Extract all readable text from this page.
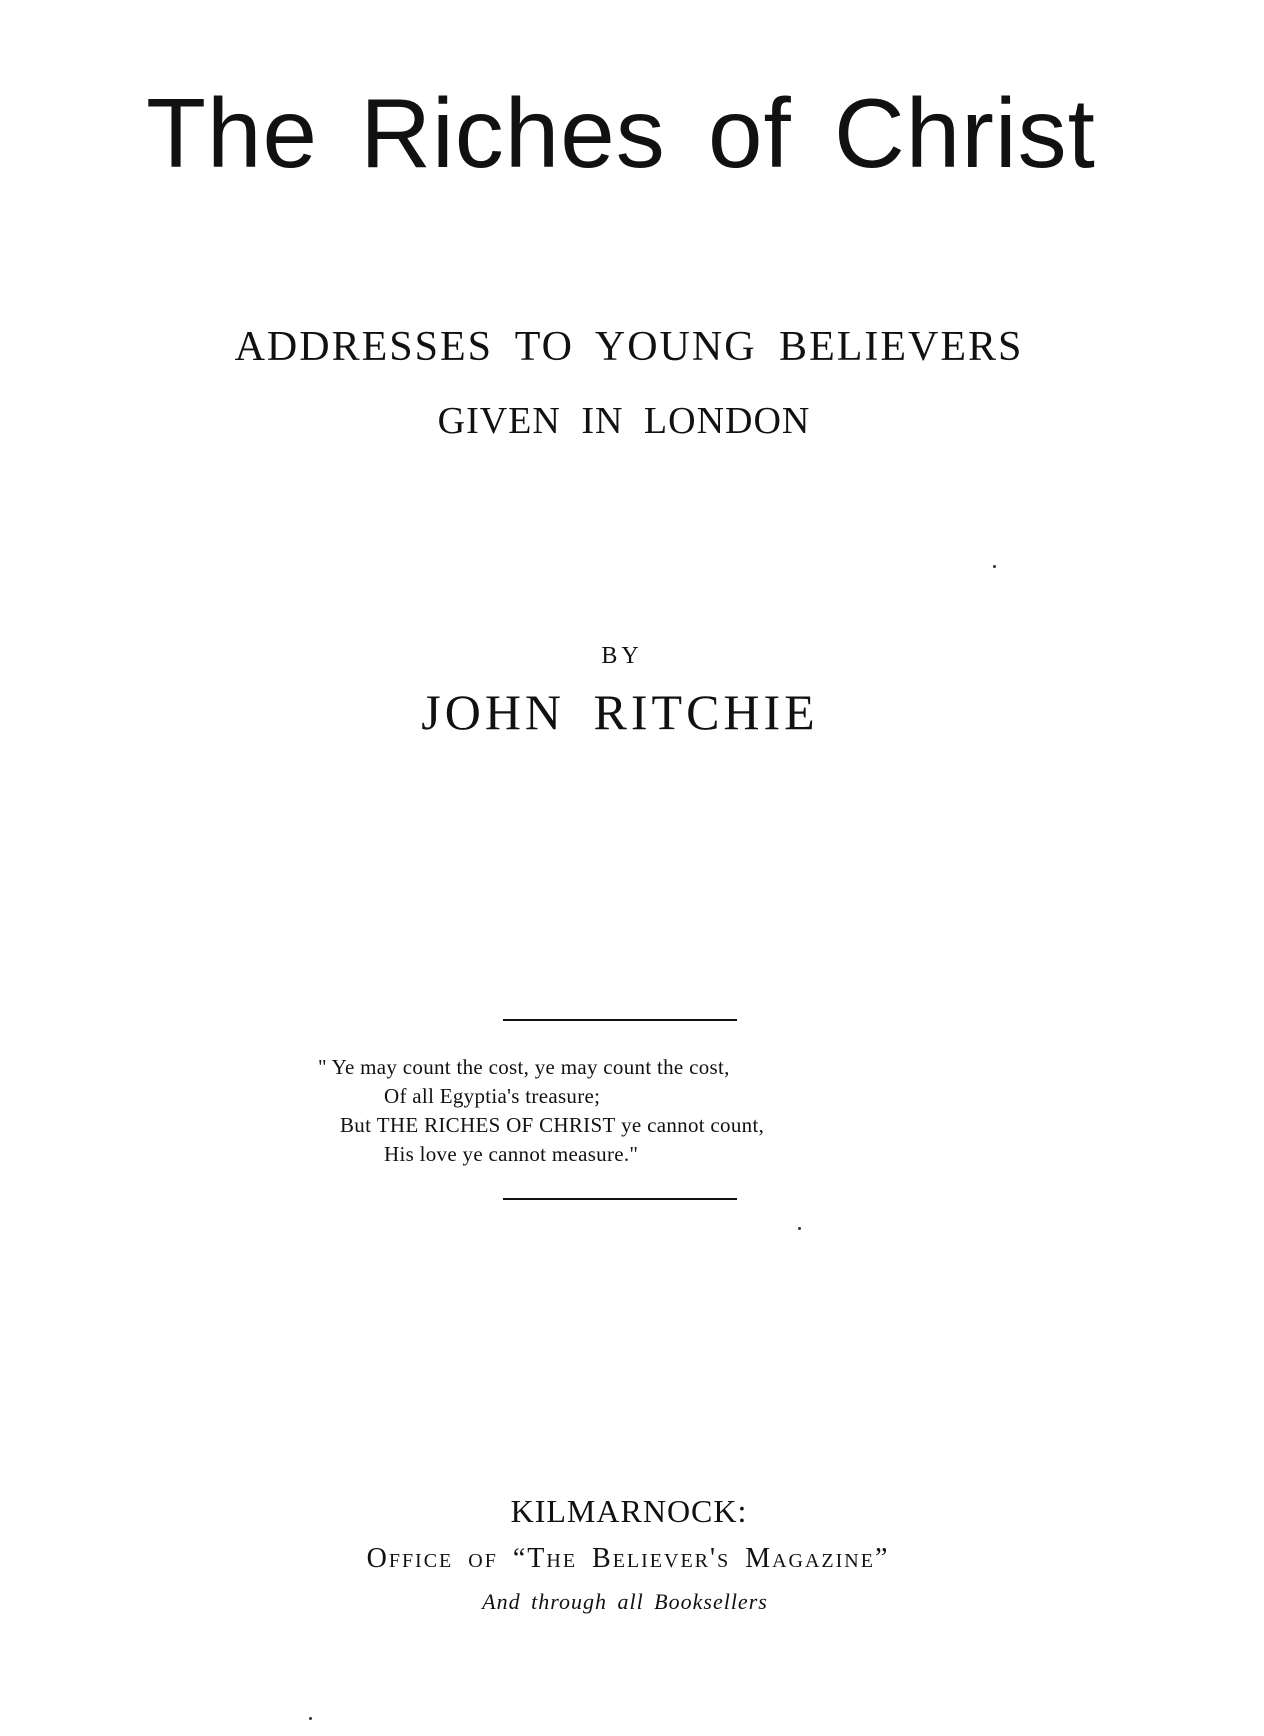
The Riches of Christ
ADDRESSES TO YOUNG BELIEVERS
GIVEN IN LONDON
BY
JOHN RITCHIE
" Ye may count the cost, ye may count the cost,
Of all Egyptia's treasure;
But THE RICHES OF CHRIST ye cannot count,
His love ye cannot measure."
KILMARNOCK:
Office of “The Believer's Magazine”
And through all Booksellers
